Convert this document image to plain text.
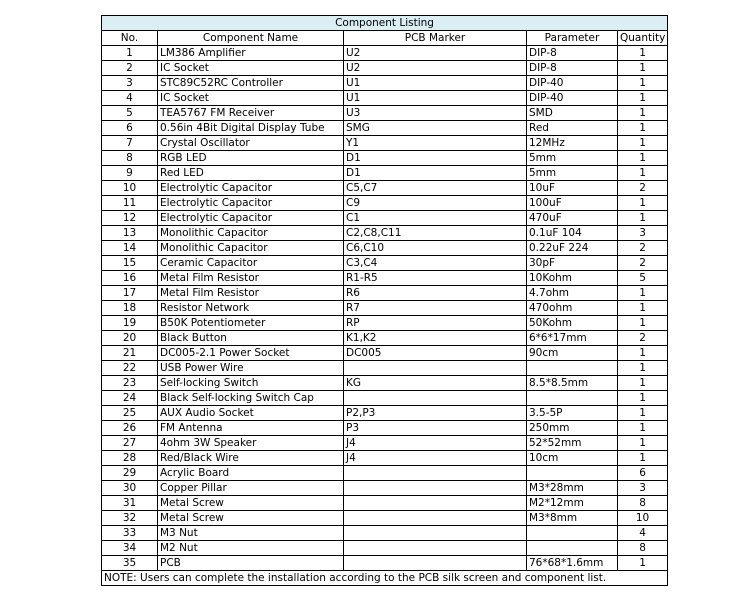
Component Listing				
No.	Component Name	PCB Marker	Parameter	Quantity
1	LM386 Amplifier	U2	DIP-8	1
2	IC Socket	U2	DIP-8	1
3	STC89C52RC Controller	U1	DIP-40	1
4	IC Socket	U1	DIP-40	1
5	TEA5767 FM Receiver	U3	SMD	1
6	0.56in 4Bit Digital Display Tube	SMG	Red	1
7	Crystal Oscillator	Y1	12MHz	1
8	RGB LED	D1	5mm	1
9	Red LED	D1	5mm	1
10	Electrolytic Capacitor	C5,C7	10uF	2
11	Electrolytic Capacitor	C9	100uF	1
12	Electrolytic Capacitor	C1	470uF	1
13	Monolithic Capacitor	C2,C8,C11	0.1uF 104	3
14	Monolithic Capacitor	C6,C10	0.22uF 224	2
15	Ceramic Capacitor	C3,C4	30pF	2
16	Metal Film Resistor	R1-R5	10Kohm	5
17	Metal Film Resistor	R6	4.7ohm	1
18	Resistor Network	R7	470ohm	1
19	B50K Potentiometer	RP	50Kohm	1
20	Black Button	K1,K2	6*6*17mm	2
21	DC005-2.1 Power Socket	DC005	90cm	1
22	USB Power Wire			1
23	Self-locking Switch	KG	8.5*8.5mm	1
24	Black Self-locking Switch Cap			1
25	AUX Audio Socket	P2,P3	3.5-5P	1
26	FM Antenna	P3	250mm	1
27	4ohm 3W Speaker	J4	52*52mm	1
28	Red/Black Wire	J4	10cm	1
29	Acrylic Board			6
30	Copper Pillar		M3*28mm	3
31	Metal Screw		M2*12mm	8
32	Metal Screw		M3*8mm	10
33	M3 Nut			4
34	M2 Nut			8
35	PCB		76*68*1.6mm	1
NOTE: Users can complete the installation according to the PCB silk screen and component list.				
